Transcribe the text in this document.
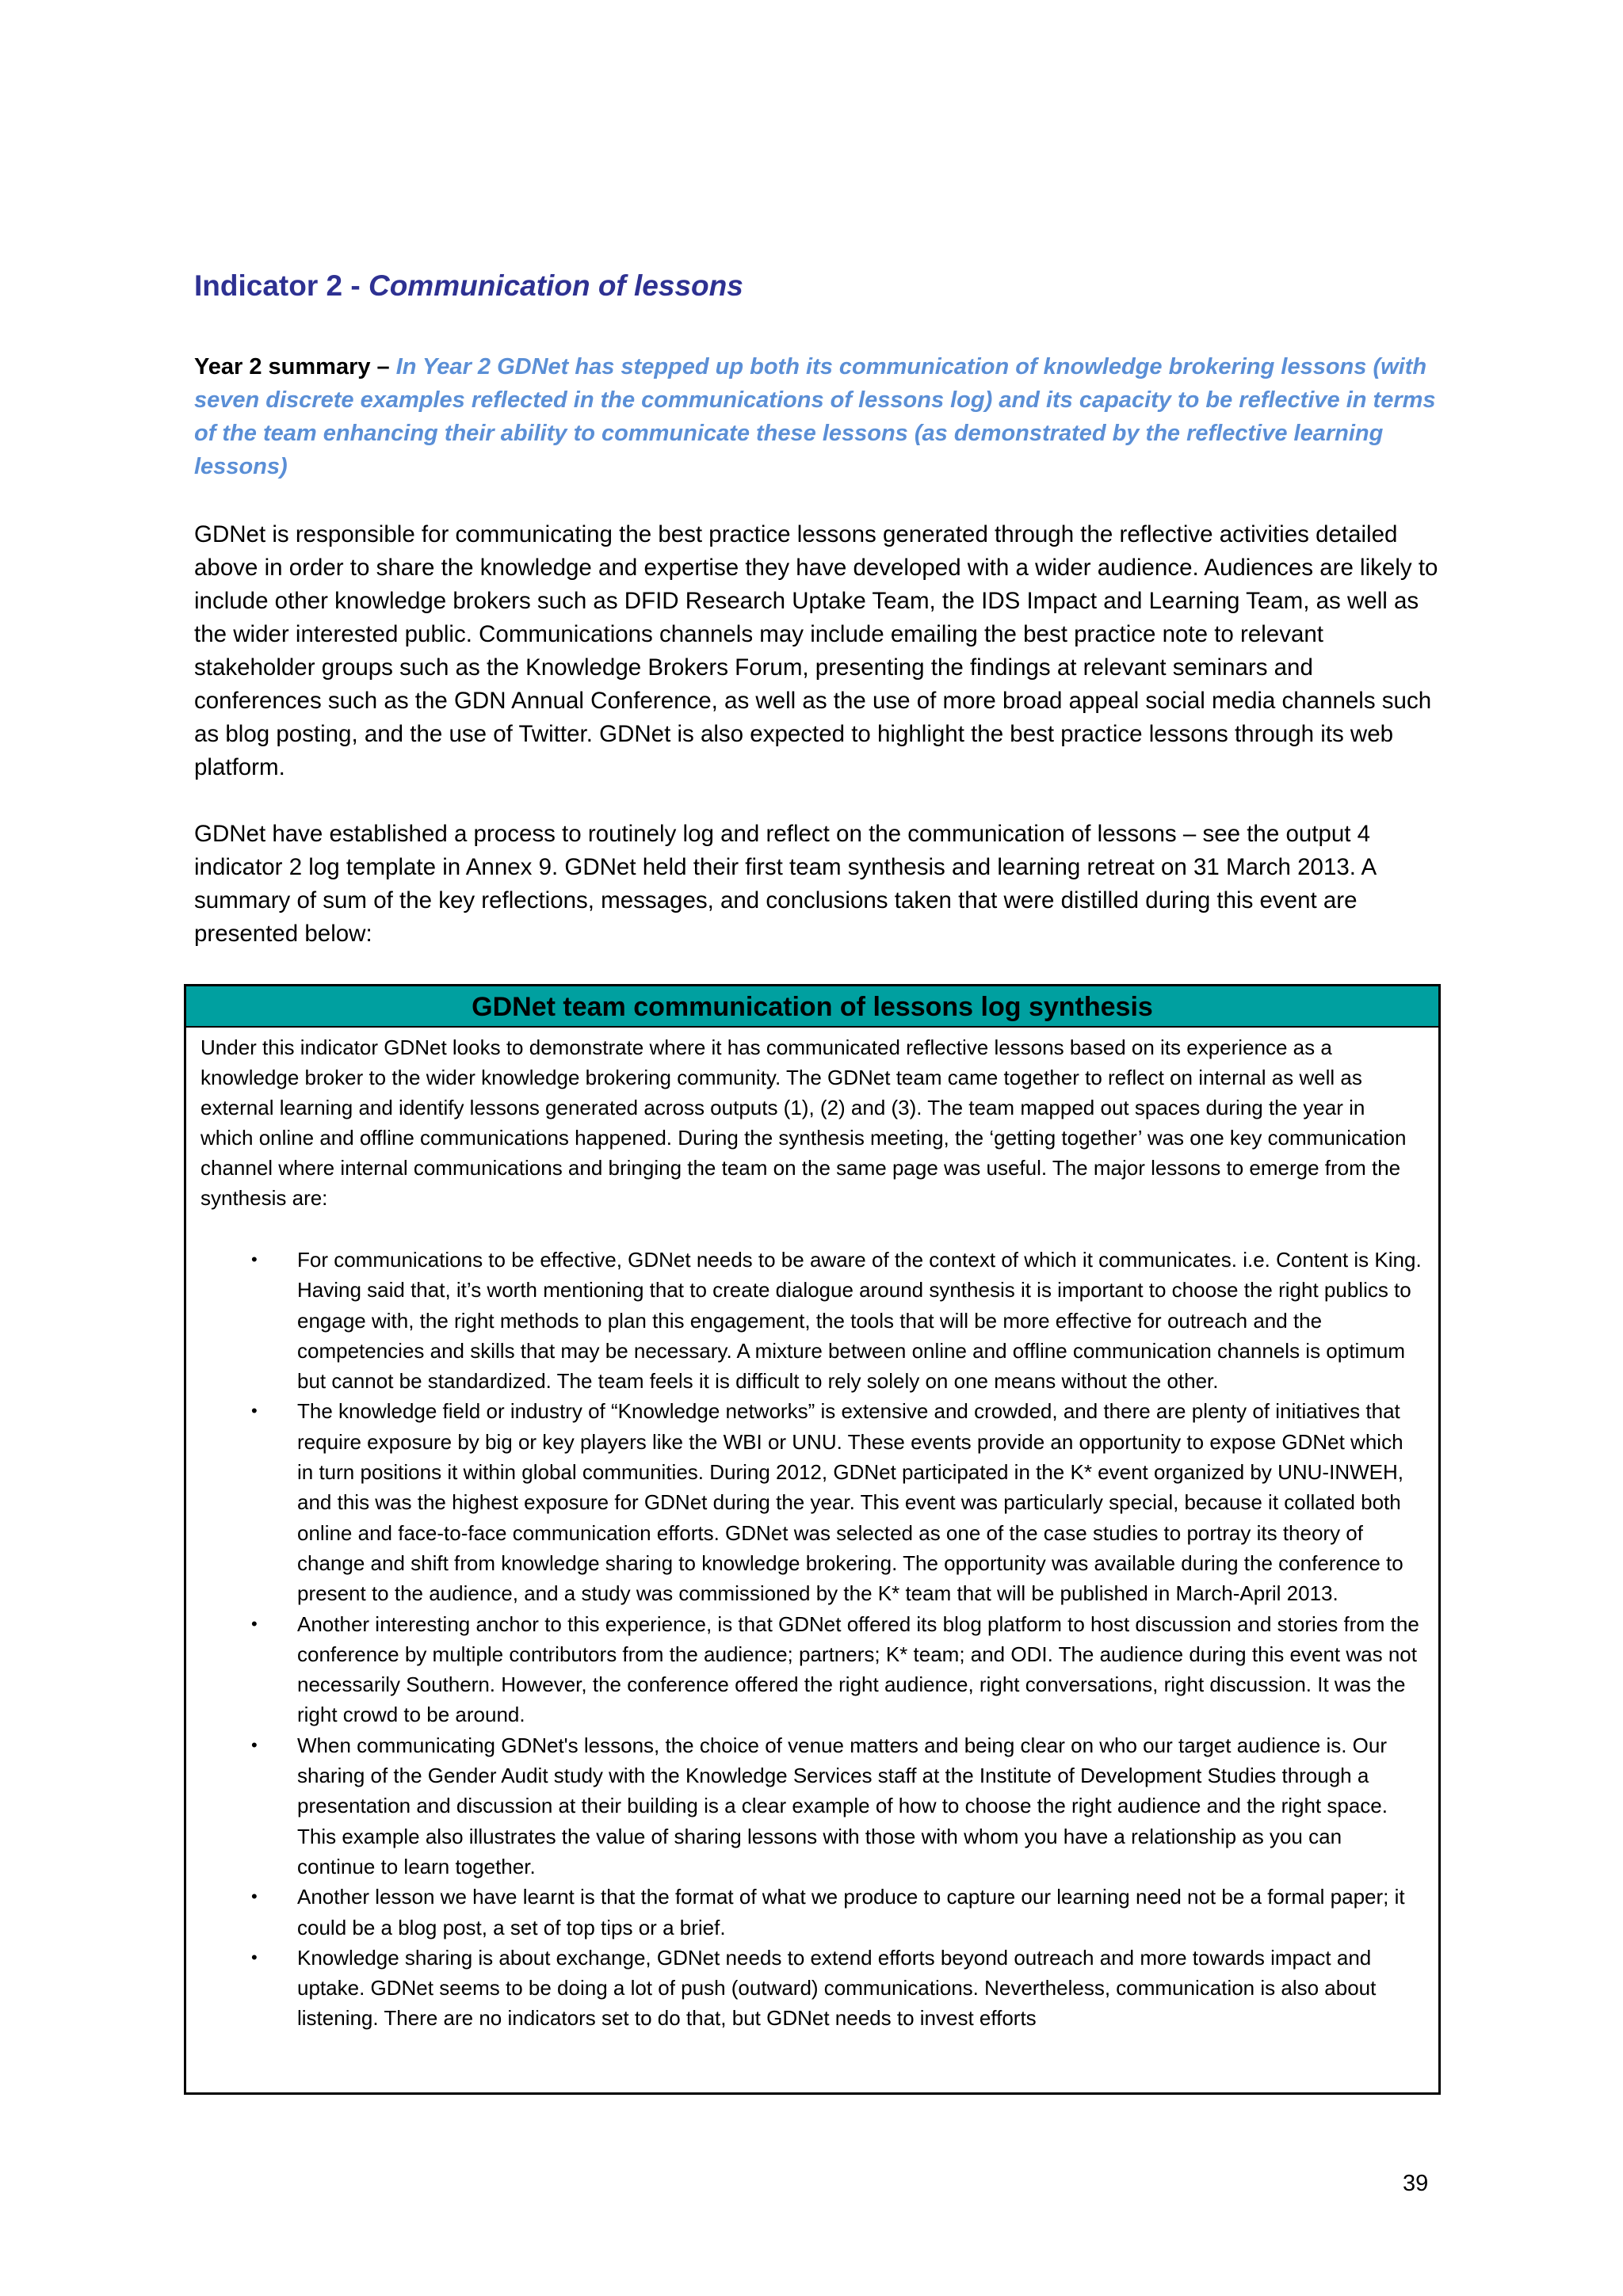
Indicator 2 - Communication of lessons

Year 2 summary – In Year 2 GDNet has stepped up both its communication of knowledge brokering lessons (with seven discrete examples reflected in the communications of lessons log) and its capacity to be reflective in terms of the team enhancing their ability to communicate these lessons (as demonstrated by the reflective learning lessons)

GDNet is responsible for communicating the best practice lessons generated through the reflective activities detailed above in order to share the knowledge and expertise they have developed with a wider audience. Audiences are likely to include other knowledge brokers such as DFID Research Uptake Team, the IDS Impact and Learning Team, as well as the wider interested public. Communications channels may include emailing the best practice note to relevant stakeholder groups such as the Knowledge Brokers Forum, presenting the findings at relevant seminars and conferences such as the GDN Annual Conference, as well as the use of more broad appeal social media channels such as blog posting, and the use of Twitter. GDNet is also expected to highlight the best practice lessons through its web platform.

GDNet have established a process to routinely log and reflect on the communication of lessons – see the output 4 indicator 2 log template in Annex 9. GDNet held their first team synthesis and learning retreat on 31 March 2013. A summary of sum of the key reflections, messages, and conclusions taken that were distilled during this event are presented below:

GDNet team communication of lessons log synthesis
Under this indicator GDNet looks to demonstrate where it has communicated reflective lessons based on its experience as a knowledge broker to the wider knowledge brokering community. The GDNet team came together to reflect on internal as well as external learning and identify lessons generated across outputs (1), (2) and (3). The team mapped out spaces during the year in which online and offline communications happened. During the synthesis meeting, the ‘getting together’ was one key communication channel where internal communications and bringing the team on the same page was useful. The major lessons to emerge from the synthesis are:
• For communications to be effective, GDNet needs to be aware of the context of which it communicates. i.e. Content is King. Having said that, it’s worth mentioning that to create dialogue around synthesis it is important to choose the right publics to engage with, the right methods to plan this engagement, the tools that will be more effective for outreach and the competencies and skills that may be necessary. A mixture between online and offline communication channels is optimum but cannot be standardized. The team feels it is difficult to rely solely on one means without the other.
• The knowledge field or industry of “Knowledge networks” is extensive and crowded, and there are plenty of initiatives that require exposure by big or key players like the WBI or UNU. These events provide an opportunity to expose GDNet which in turn positions it within global communities. During 2012, GDNet participated in the K* event organized by UNU-INWEH, and this was the highest exposure for GDNet during the year. This event was particularly special, because it collated both online and face-to-face communication efforts. GDNet was selected as one of the case studies to portray its theory of change and shift from knowledge sharing to knowledge brokering. The opportunity was available during the conference to present to the audience, and a study was commissioned by the K* team that will be published in March-April 2013.
• Another interesting anchor to this experience, is that GDNet offered its blog platform to host discussion and stories from the conference by multiple contributors from the audience; partners; K* team; and ODI. The audience during this event was not necessarily Southern. However, the conference offered the right audience, right conversations, right discussion. It was the right crowd to be around.
• When communicating GDNet's lessons, the choice of venue matters and being clear on who our target audience is. Our sharing of the Gender Audit study with the Knowledge Services staff at the Institute of Development Studies through a presentation and discussion at their building is a clear example of how to choose the right audience and the right space. This example also illustrates the value of sharing lessons with those with whom you have a relationship as you can continue to learn together.
• Another lesson we have learnt is that the format of what we produce to capture our learning need not be a formal paper; it could be a blog post, a set of top tips or a brief.
• Knowledge sharing is about exchange, GDNet needs to extend efforts beyond outreach and more towards impact and uptake. GDNet seems to be doing a lot of push (outward) communications. Nevertheless, communication is also about listening. There are no indicators set to do that, but GDNet needs to invest efforts
39
